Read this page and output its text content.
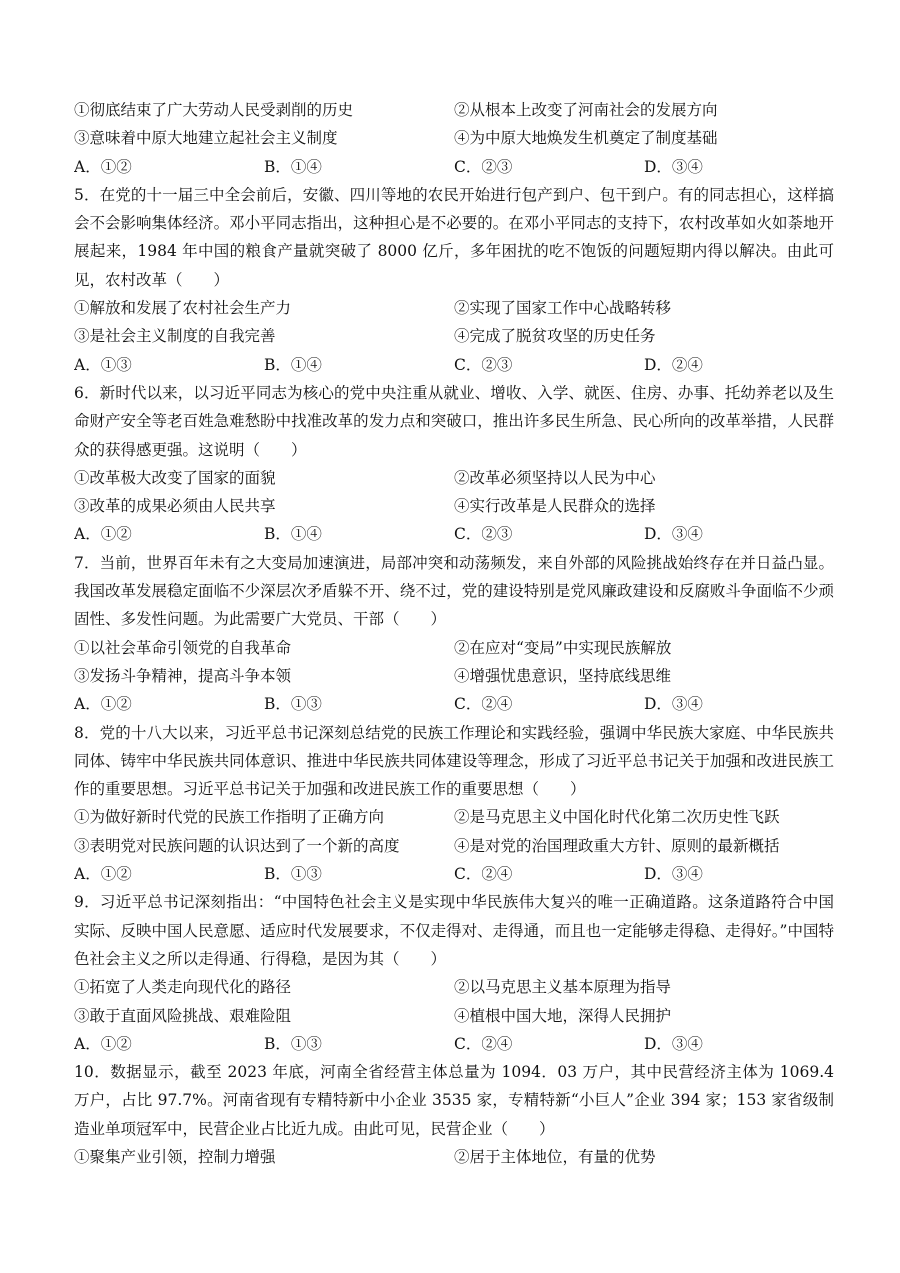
①彻底结束了广大劳动人民受剥削的历史	②从根本上改变了河南社会的发展方向
③意味着中原大地建立起社会主义制度	④为中原大地焕发生机奠定了制度基础
A．①②	B．①④	C．②③	D．③④
5．在党的十一届三中全会前后，安徽、四川等地的农民开始进行包产到户、包干到户。有的同志担心，这样搞会不会影响集体经济。邓小平同志指出，这种担心是不必要的。在邓小平同志的支持下，农村改革如火如荼地开展起来，1984 年中国的粮食产量就突破了 8000 亿斤，多年困扰的吃不饱饭的问题短期内得以解决。由此可见，农村改革（　　）
①解放和发展了农村社会生产力	②实现了国家工作中心战略转移
③是社会主义制度的自我完善	④完成了脱贫攻坚的历史任务
A．①③	B．①④	C．②③	D．②④
6．新时代以来，以习近平同志为核心的党中央注重从就业、增收、入学、就医、住房、办事、托幼养老以及生命财产安全等老百姓急难愁盼中找准改革的发力点和突破口，推出许多民生所急、民心所向的改革举措，人民群众的获得感更强。这说明（　　）
①改革极大改变了国家的面貌	②改革必须坚持以人民为中心
③改革的成果必须由人民共享	④实行改革是人民群众的选择
A．①②	B．①④	C．②③	D．③④
7．当前，世界百年未有之大变局加速演进，局部冲突和动荡频发，来自外部的风险挑战始终存在并日益凸显。我国改革发展稳定面临不少深层次矛盾躲不开、绕不过，党的建设特别是党风廉政建设和反腐败斗争面临不少顽固性、多发性问题。为此需要广大党员、干部（　　）
①以社会革命引领党的自我革命	②在应对“变局”中实现民族解放
③发扬斗争精神，提高斗争本领	④增强忧患意识，坚持底线思维
A．①②	B．①③	C．②④	D．③④
8．党的十八大以来，习近平总书记深刻总结党的民族工作理论和实践经验，强调中华民族大家庭、中华民族共同体、铸牢中华民族共同体意识、推进中华民族共同体建设等理念，形成了习近平总书记关于加强和改进民族工作的重要思想。习近平总书记关于加强和改进民族工作的重要思想（　　）
①为做好新时代党的民族工作指明了正确方向	②是马克思主义中国化时代化第二次历史性飞跃
③表明党对民族问题的认识达到了一个新的高度	④是对党的治国理政重大方针、原则的最新概括
A．①②	B．①③	C．②④	D．③④
9．习近平总书记深刻指出：“中国特色社会主义是实现中华民族伟大复兴的唯一正确道路。这条道路符合中国实际、反映中国人民意愿、适应时代发展要求，不仅走得对、走得通，而且也一定能够走得稳、走得好。”中国特色社会主义之所以走得通、行得稳，是因为其（　　）
①拓宽了人类走向现代化的路径	②以马克思主义基本原理为指导
③敢于直面风险挑战、艰难险阻	④植根中国大地，深得人民拥护
A．①②	B．①③	C．②④	D．③④
10．数据显示，截至 2023 年底，河南全省经营主体总量为 1094．03 万户，其中民营经济主体为 1069.4 万户，占比 97.7%。河南省现有专精特新中小企业 3535 家，专精特新“小巨人”企业 394 家；153 家省级制造业单项冠军中，民营企业占比近九成。由此可见，民营企业（　　）
①聚集产业引领，控制力增强	②居于主体地位，有量的优势
